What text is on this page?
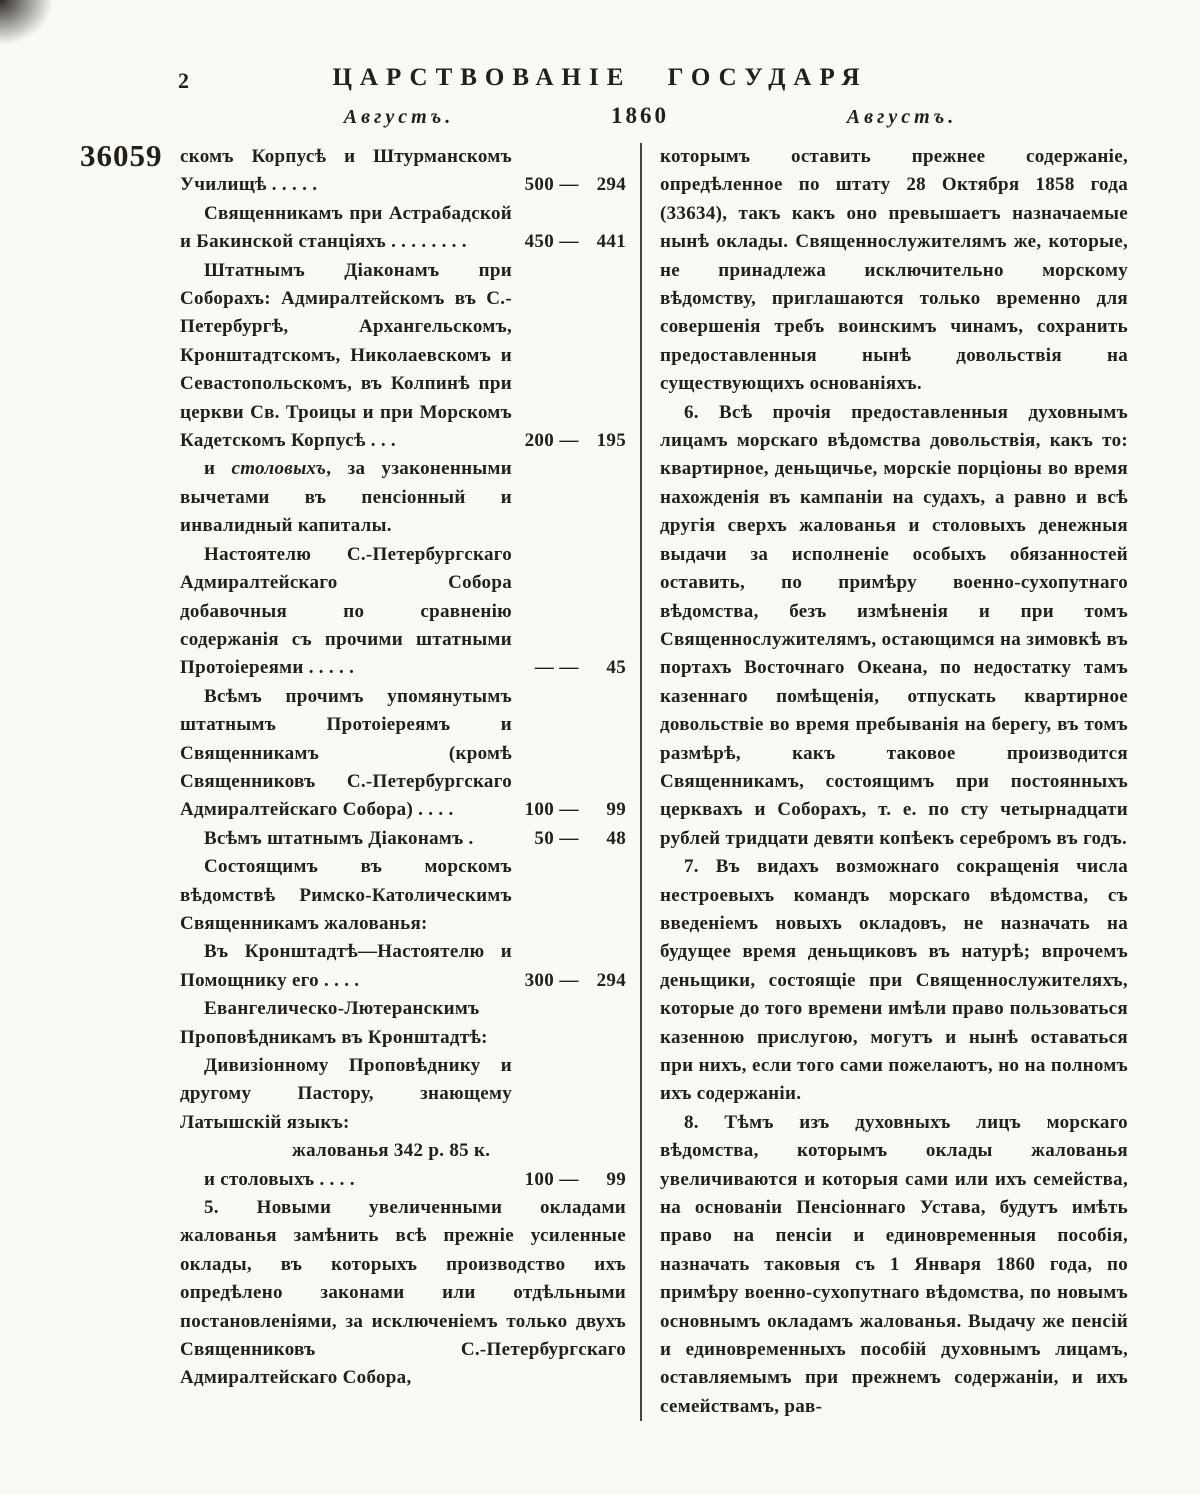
2	ЦАРСТВОВАНІЕ ГОСУДАРЯ
Августъ.	1860	Августъ.
36059 скомъ Корпусѣ и Штурманскомъ Училищѣ . . . . .	500 — 294
Священникамъ при Астрабадской и Бакинской станціяхъ . . . . . . . .	450 — 441
Штатнымъ Діаконамъ при Соборахъ: Адмиралтейскомъ въ С.-Петербургѣ, Архангельскомъ, Кронштадтскомъ, Николаевскомъ и Севастопольскомъ, въ Колпинѣ при церкви Св. Троицы и при Морскомъ Кадетскомъ Корпусѣ . . .	200 — 195
и столовыхъ, за узаконенными вычетами въ пенсіонный и инвалидный капиталы.
Настоятелю С.-Петербургскаго Адмиралтейскаго Собора добавочныя по сравненію содержанія съ прочими штатными Протоіереями . . . . .	— —	45
Всѣмъ прочимъ упомянутымъ штатнымъ Протоіереямъ и Священникамъ (кромѣ Священниковъ С.-Петербургскаго Адмиралтейскаго Собора) . . . .	100 —	99
Всѣмъ штатнымъ Діаконамъ .	50 —	48
Состоящимъ въ морскомъ вѣдомствѣ Римско-Католическимъ Священникамъ жалованья:
Въ Кронштадтѣ—Настоятелю и Помощнику его . . . .	300 — 294
Евангелическо-Лютеранскимъ Проповѣдникамъ въ Кронштадтѣ:
Дивизіонному Проповѣднику и другому Пастору, знающему Латышскій языкъ:
жалованья 342 р. 85 к.
и столовыхъ . . . .	100 —	99
5. Новыми увеличенными окладами жалованья замѣнить всѣ прежніе усиленные оклады, въ которыхъ производство ихъ опредѣлено законами или отдѣльными постановленіями, за исключеніемъ только двухъ Священниковъ С.-Петербургскаго Адмиралтейскаго Собора,

которымъ оставить прежнее содержаніе, опредѣленное по штату 28 Октября 1858 года (33634), такъ какъ оно превышаетъ назначаемые нынѣ оклады. Священнослужителямъ же, которые, не принадлежа исключительно морскому вѣдомству, приглашаются только временно для совершенія требъ воинскимъ чинамъ, сохранить предоставленныя нынѣ довольствія на существующихъ основаніяхъ.

6. Всѣ прочія предоставленныя духовнымъ лицамъ морскаго вѣдомства довольствія, какъ то: квартирное, деньщичье, морскіе порціоны во время нахожденія въ кампаніи на судахъ, а равно и всѣ другія сверхъ жалованья и столовыхъ денежныя выдачи за исполненіе особыхъ обязанностей оставить, по примѣру военно-сухопутнаго вѣдомства, безъ измѣненія и при томъ Священнослужителямъ, остающимся на зимовкѣ въ портахъ Восточнаго Океана, по недостатку тамъ казеннаго помѣщенія, отпускать квартирное довольствіе во время пребыванія на берегу, въ томъ размѣрѣ, какъ таковое производится Священникамъ, состоящимъ при постоянныхъ церквахъ и Соборахъ, т. е. по сту четырнадцати рублей тридцати девяти копѣекъ серебромъ въ годъ.

7. Въ видахъ возможнаго сокращенія числа нестроевыхъ командъ морскаго вѣдомства, съ введеніемъ новыхъ окладовъ, не назначать на будущее время деньщиковъ въ натурѣ; впрочемъ деньщики, состоящіе при Священнослужителяхъ, которые до того времени имѣли право пользоваться казенною прислугою, могутъ и нынѣ оставаться при нихъ, если того сами пожелаютъ, но на полномъ ихъ содержаніи.

8. Тѣмъ изъ духовныхъ лицъ морскаго вѣдомства, которымъ оклады жалованья увеличиваются и которыя сами или ихъ семейства, на основаніи Пенсіоннаго Устава, будутъ имѣть право на пенсіи и единовременныя пособія, назначать таковыя съ 1 Января 1860 года, по примѣру военно-сухопутнаго вѣдомства, по новымъ основнымъ окладамъ жалованья. Выдачу же пенсій и единовременныхъ пособій духовнымъ лицамъ, оставляемымъ при прежнемъ содержаніи, и ихъ семействамъ, рав-
